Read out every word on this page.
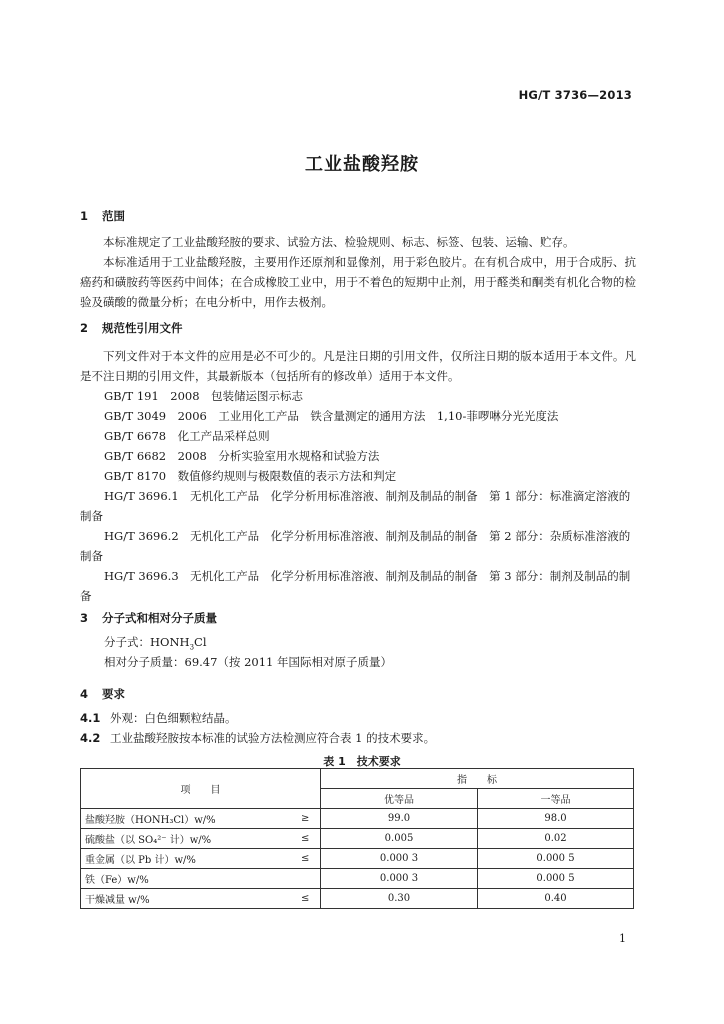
HG/T 3736—2013
工业盐酸羟胺
1 范围
本标准规定了工业盐酸羟胺的要求、试验方法、检验规则、标志、标签、包装、运输、贮存。
本标准适用于工业盐酸羟胺，主要用作还原剂和显像剂，用于彩色胶片。在有机合成中，用于合成肟、抗癌药和磺胺药等医药中间体；在合成橡胶工业中，用于不着色的短期中止剂，用于醛类和酮类有机化合物的检验及磺酸的微量分析；在电分析中，用作去极剂。
2 规范性引用文件
下列文件对于本文件的应用是必不可少的。凡是注日期的引用文件，仅所注日期的版本适用于本文件。凡是不注日期的引用文件，其最新版本（包括所有的修改单）适用于本文件。
GB/T 191　2008　包装储运图示标志
GB/T 3049　2006　工业用化工产品　铁含量测定的通用方法　1,10-菲啰啉分光光度法
GB/T 6678　化工产品采样总则
GB/T 6682　2008　分析实验室用水规格和试验方法
GB/T 8170　数值修约规则与极限数值的表示方法和判定
HG/T 3696.1　无机化工产品　化学分析用标准溶液、制剂及制品的制备　第 1 部分：标准滴定溶液的制备
HG/T 3696.2　无机化工产品　化学分析用标准溶液、制剂及制品的制备　第 2 部分：杂质标准溶液的制备
HG/T 3696.3　无机化工产品　化学分析用标准溶液、制剂及制品的制备　第 3 部分：制剂及制品的制备
3 分子式和相对分子质量
分子式：$HONH_3Cl$
相对分子质量：69.47（按 2011 年国际相对原子质量）
4 要求
4.1 外观：白色细颗粒结晶。
4.2 工业盐酸羟胺按本标准的试验方法检测应符合表 1 的技术要求。
表 1　技术要求
项　　目		指　　标	
		优等品	一等品
盐酸羟胺（HONH₃Cl）w/%	≥	99.0	98.0
硫酸盐（以 SO₄²⁻ 计）w/%	≤	0.005	0.02
重金属（以 Pb 计）w/%	≤	0.000 3	0.000 5
铁（Fe）w/%		0.000 3	0.000 5
干燥减量 w/%	≤	0.30	0.40
1
